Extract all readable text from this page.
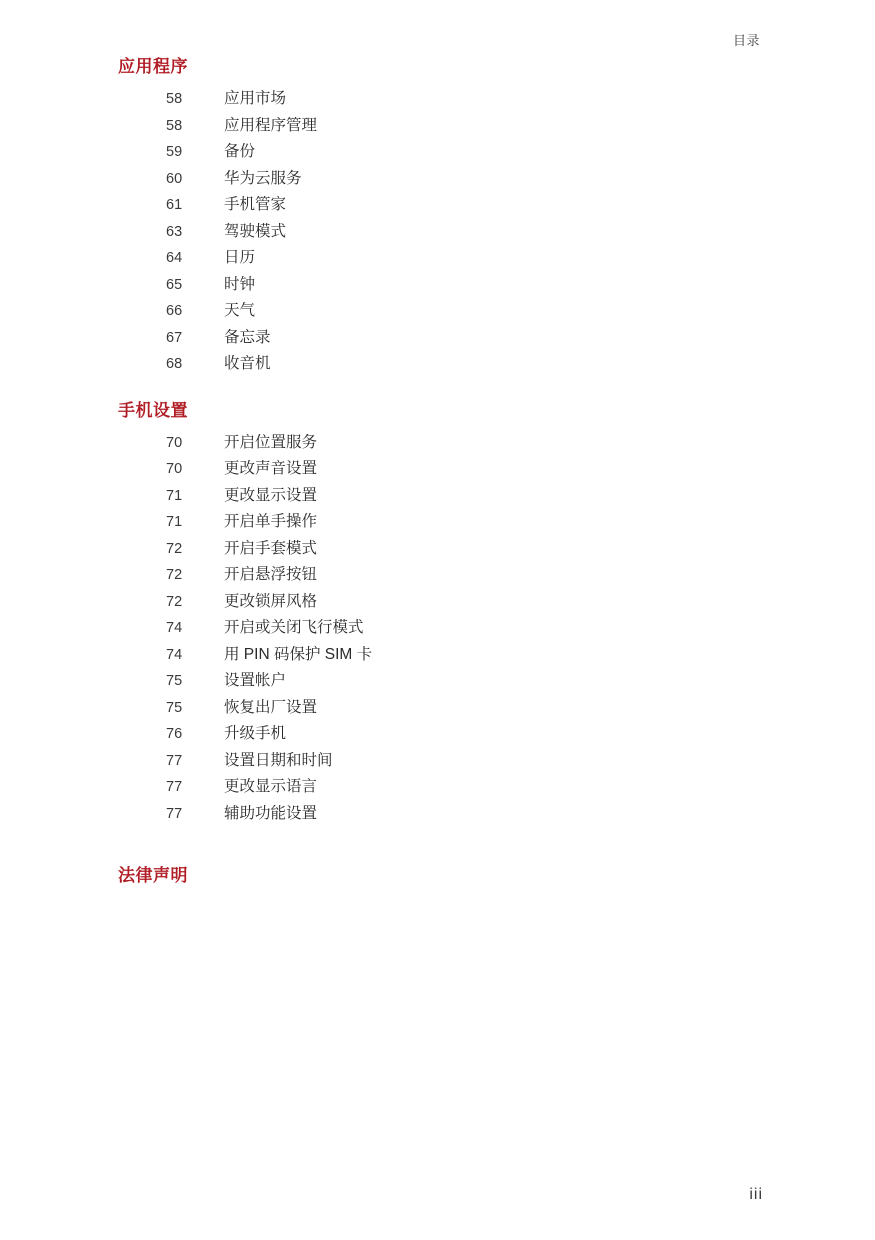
目录
应用程序
58	应用市场
58	应用程序管理
59	备份
60	华为云服务
61	手机管家
63	驾驶模式
64	日历
65	时钟
66	天气
67	备忘录
68	收音机
手机设置
70	开启位置服务
70	更改声音设置
71	更改显示设置
71	开启单手操作
72	开启手套模式
72	开启悬浮按钮
72	更改锁屏风格
74	开启或关闭飞行模式
74	用 PIN 码保护 SIM 卡
75	设置帐户
75	恢复出厂设置
76	升级手机
77	设置日期和时间
77	更改显示语言
77	辅助功能设置
法律声明
iii
